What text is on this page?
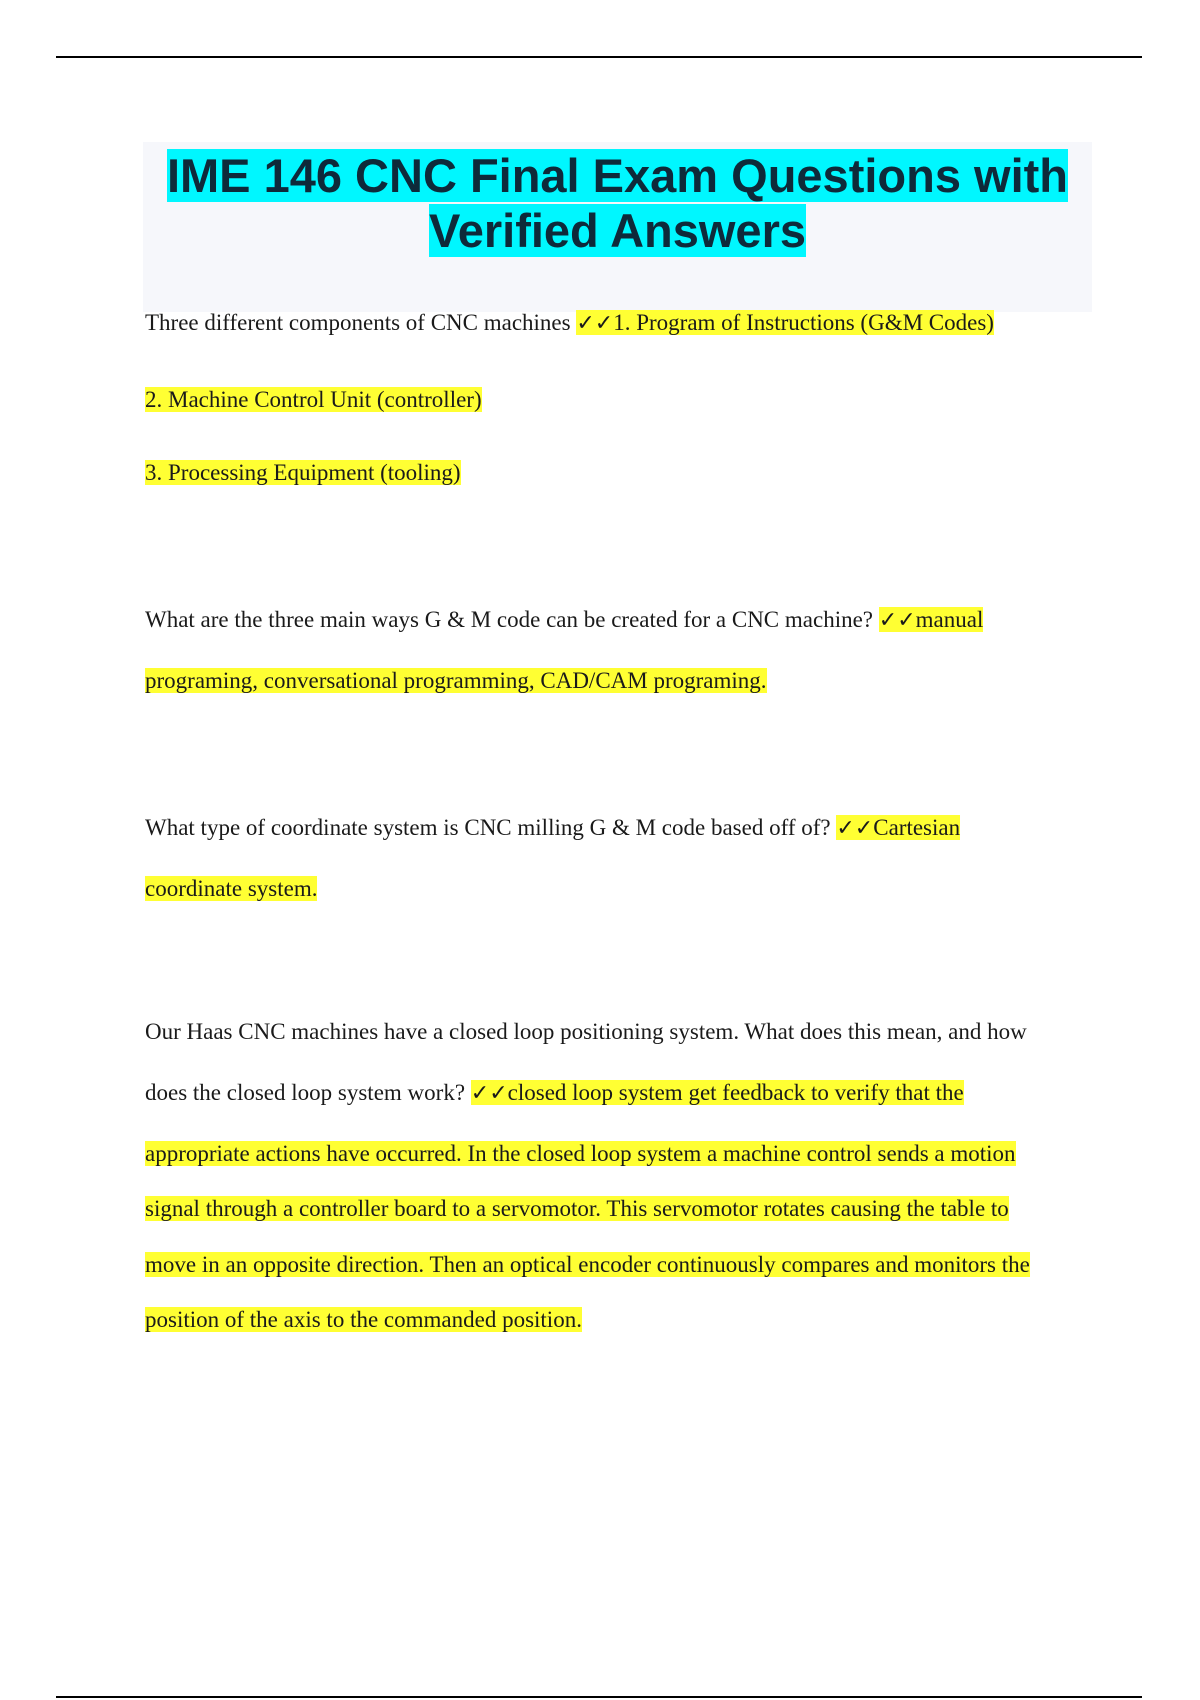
IME 146 CNC Final Exam Questions with
Verified Answers
Three different components of CNC machines ✓✓1. Program of Instructions (G&M Codes)
2. Machine Control Unit (controller)
3. Processing Equipment (tooling)
What are the three main ways G & M code can be created for a CNC machine? ✓✓manual
programing, conversational programming, CAD/CAM programing.
What type of coordinate system is CNC milling G & M code based off of? ✓✓Cartesian
coordinate system.
Our Haas CNC machines have a closed loop positioning system. What does this mean, and how
does the closed loop system work? ✓✓closed loop system get feedback to verify that the
appropriate actions have occurred. In the closed loop system a machine control sends a motion
signal through a controller board to a servomotor. This servomotor rotates causing the table to
move in an opposite direction. Then an optical encoder continuously compares and monitors the
position of the axis to the commanded position.
